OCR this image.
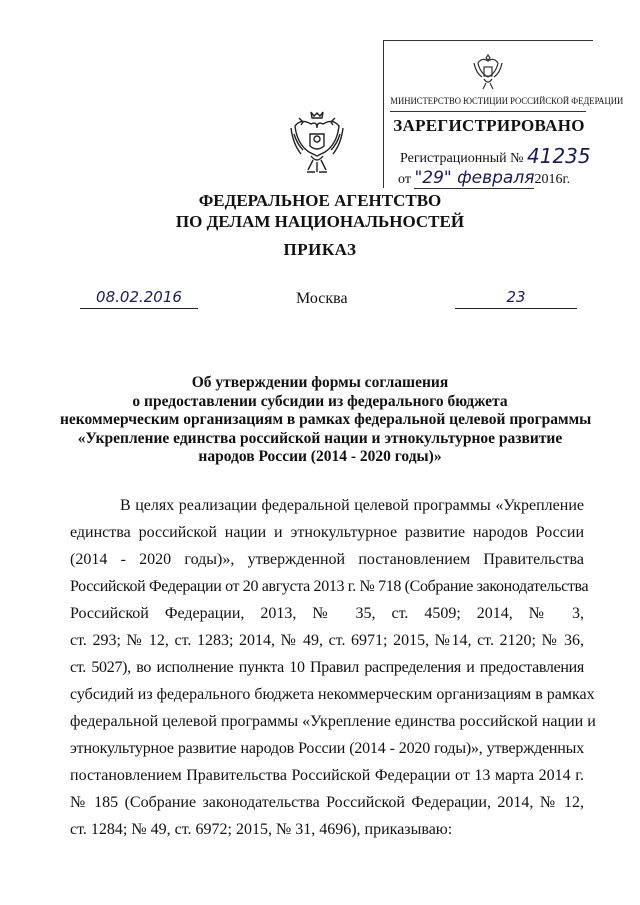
МИНИСТЕРСТВО ЮСТИЦИИ РОССИЙСКОЙ ФЕДЕРАЦИИ
ЗАРЕГИСТРИРОВАНО
Регистрационный № 41235
от "29" февраля2016г.
ФЕДЕРАЛЬНОЕ АГЕНТСТВО
ПО ДЕЛАМ НАЦИОНАЛЬНОСТЕЙ
ПРИКАЗ
08.02.2016	Москва	23
Об утверждении формы соглашения
о предоставлении субсидии из федерального бюджета
некоммерческим организациям в рамках федеральной целевой программы
«Укрепление единства российской нации и этнокультурное развитие
народов России (2014 - 2020 годы)»
В целях реализации федеральной целевой программы «Укрепление
единства российской нации и этнокультурное развитие народов России
(2014 - 2020 годы)», утвержденной постановлением Правительства
Российской Федерации от 20 августа 2013 г. № 718 (Собрание законодательства
Российской Федерации, 2013, № 35, ст. 4509; 2014, № 3,
ст. 293; № 12, ст. 1283; 2014, № 49, ст. 6971; 2015, №14, ст. 2120; № 36,
ст. 5027), во исполнение пункта 10 Правил распределения и предоставления
субсидий из федерального бюджета некоммерческим организациям в рамках
федеральной целевой программы «Укрепление единства российской нации и
этнокультурное развитие народов России (2014 - 2020 годы)», утвержденных
постановлением Правительства Российской Федерации от 13 марта 2014 г.
№ 185 (Собрание законодательства Российской Федерации, 2014, № 12,
ст. 1284; № 49, ст. 6972; 2015, № 31, 4696), приказываю:
